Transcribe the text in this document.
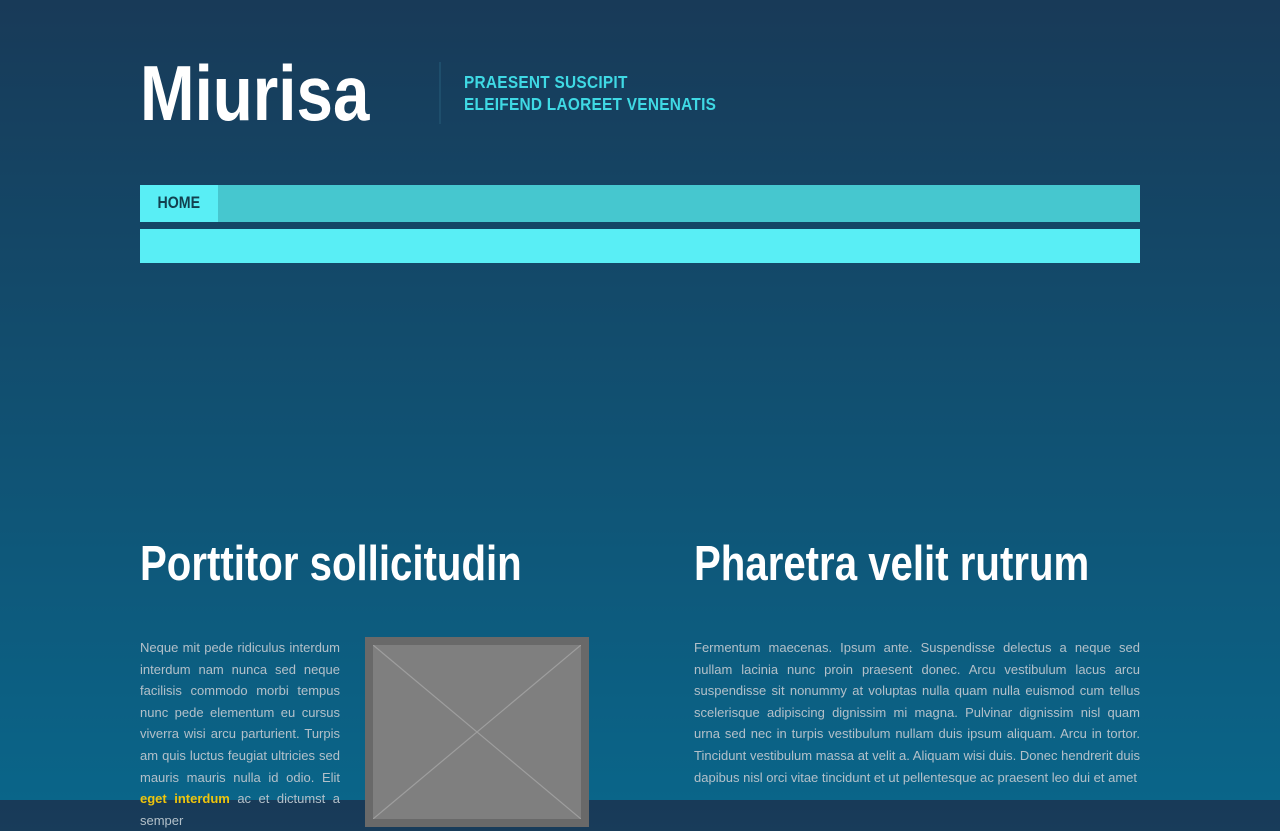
Miurisa	PRAESENT SUSCIPIT
ELEIFEND LAOREET VENENATIS
HOME
Porttitor sollicitudin

Neque mit pede ridiculus interdum interdum nam nunca sed neque facilisis commodo morbi tempus nunc pede elementum eu cursus viverra wisi arcu parturient. Turpis am quis luctus feugiat ultricies sed mauris mauris nulla id odio. Elit eget interdum ac et dictumst a semper

Pharetra velit rutrum

Fermentum maecenas. Ipsum ante. Suspendisse delectus a neque sed nullam lacinia nunc proin praesent donec. Arcu vestibulum lacus arcu suspendisse sit nonummy at voluptas nulla quam nulla euismod cum tellus scelerisque adipiscing dignissim mi magna. Pulvinar dignissim nisl quam urna sed nec in turpis vestibulum nullam duis ipsum aliquam. Arcu in tortor. Tincidunt vestibulum massa at velit a. Aliquam wisi duis. Donec hendrerit duis dapibus nisl orci vitae tincidunt et ut pellentesque ac praesent leo dui et amet
